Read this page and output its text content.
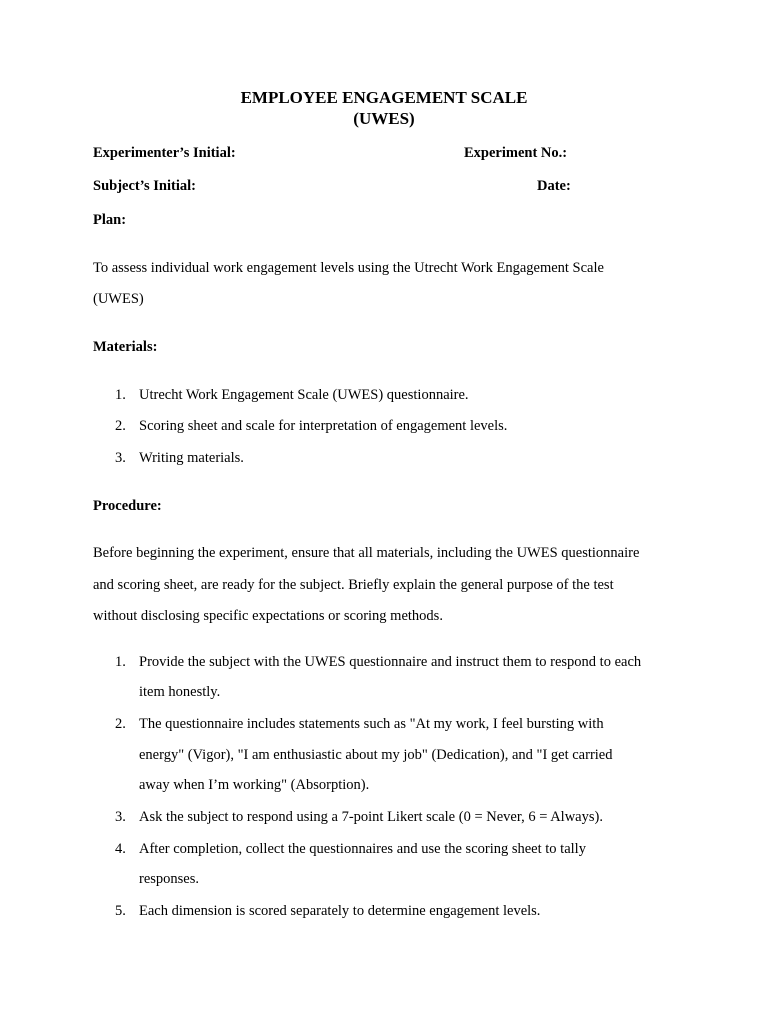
EMPLOYEE ENGAGEMENT SCALE
(UWES)
Experimenter’s Initial:	Experiment No.:
Subject’s Initial:	Date:
Plan:
To assess individual work engagement levels using the Utrecht Work Engagement Scale
(UWES)
Materials:
1. Utrecht Work Engagement Scale (UWES) questionnaire.
2. Scoring sheet and scale for interpretation of engagement levels.
3. Writing materials.
Procedure:
Before beginning the experiment, ensure that all materials, including the UWES questionnaire
and scoring sheet, are ready for the subject. Briefly explain the general purpose of the test
without disclosing specific expectations or scoring methods.
1. Provide the subject with the UWES questionnaire and instruct them to respond to each
item honestly.
2. The questionnaire includes statements such as "At my work, I feel bursting with
energy" (Vigor), "I am enthusiastic about my job" (Dedication), and "I get carried
away when I’m working" (Absorption).
3. Ask the subject to respond using a 7-point Likert scale (0 = Never, 6 = Always).
4. After completion, collect the questionnaires and use the scoring sheet to tally
responses.
5. Each dimension is scored separately to determine engagement levels.
